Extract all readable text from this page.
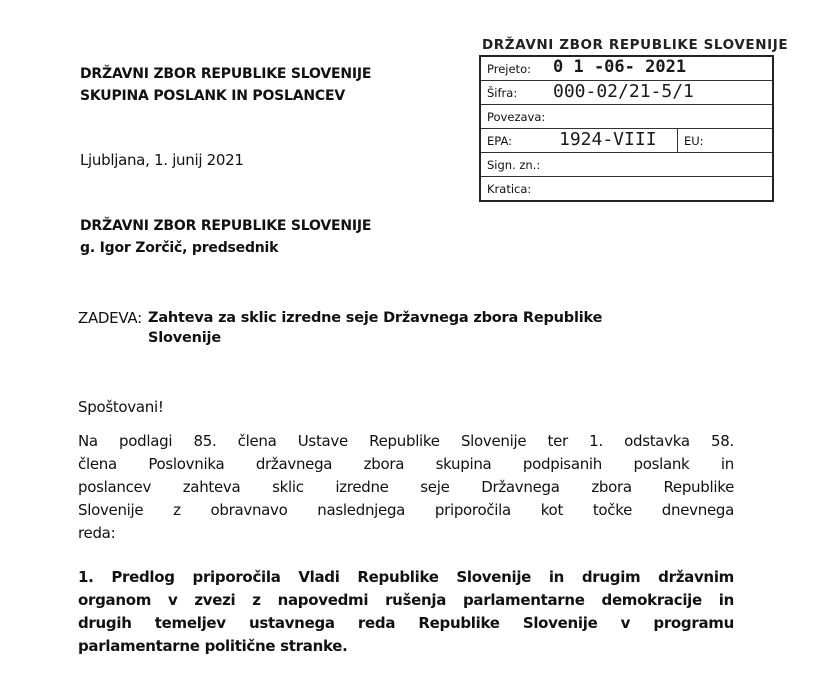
DRŽAVNI ZBOR REPUBLIKE SLOVENIJE
SKUPINA POSLANK IN POSLANCEV
Ljubljana, 1. junij 2021
DRŽAVNI ZBOR REPUBLIKE SLOVENIJE
Prejeto: 0 1 -06- 2021
Šifra: 000-02/21-5/1
Povezava:
EPA:	1924-VIII	EU:
Sign. zn.:
Kratica:
DRŽAVNI ZBOR REPUBLIKE SLOVENIJE
g. Igor Zorčič, predsednik
ZADEVA: Zahteva za sklic izredne seje Državnega zbora Republike
Slovenije
Spoštovani!
Na podlagi 85. člena Ustave Republike Slovenije ter 1. odstavka 58.
člena Poslovnika državnega zbora skupina podpisanih poslank in
poslancev zahteva sklic izredne seje Državnega zbora Republike
Slovenije z obravnavo naslednjega priporočila kot točke dnevnega
reda:
1. Predlog priporočila Vladi Republike Slovenije in drugim državnim
organom v zvezi z napovedmi rušenja parlamentarne demokracije in
drugih temeljev ustavnega reda Republike Slovenije v programu
parlamentarne politične stranke.
